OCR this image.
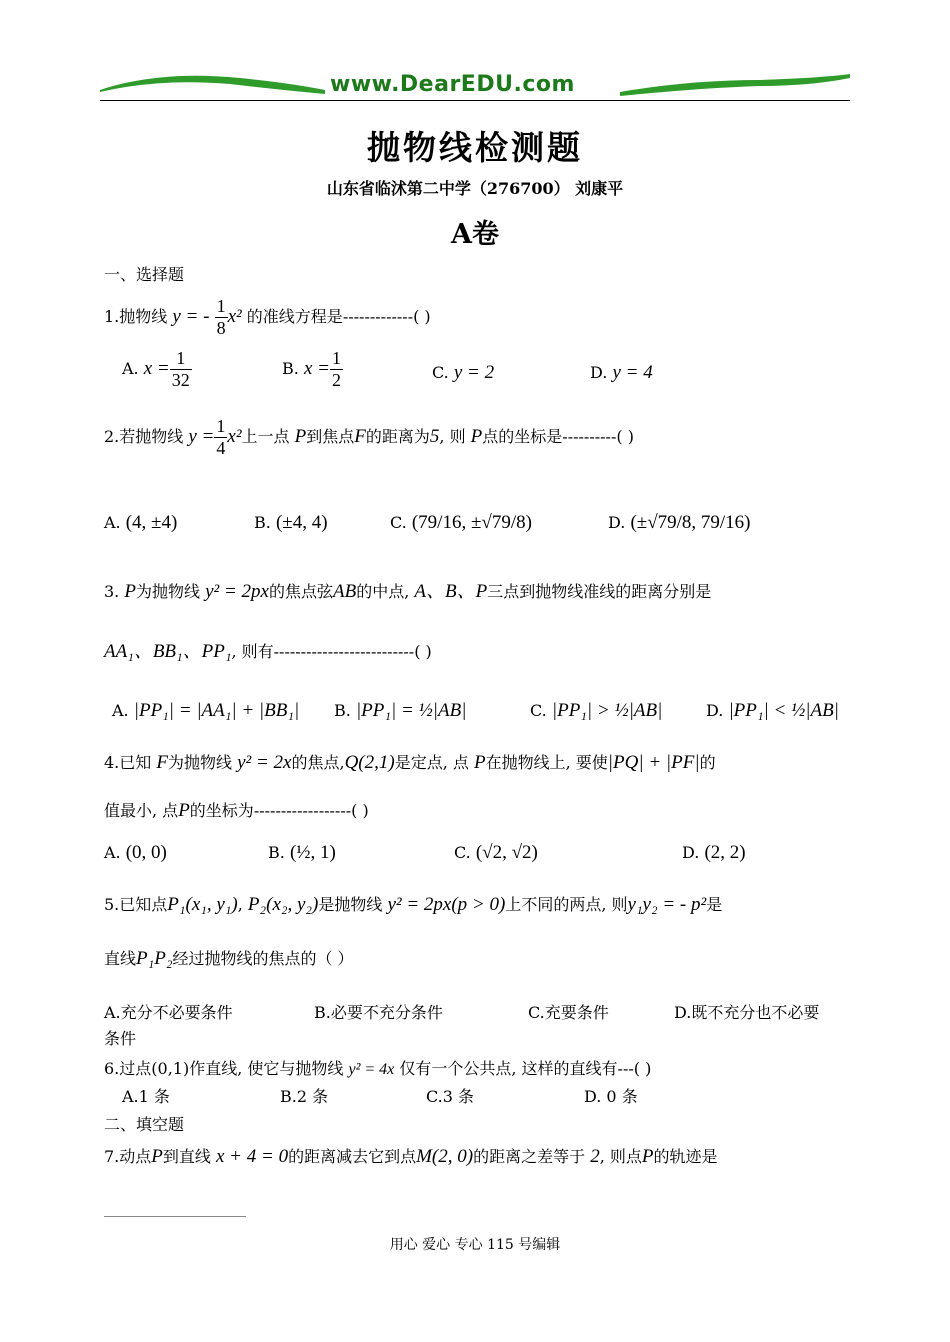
www.DearEDU.com
抛物线检测题
山东省临沭第二中学（276700） 刘康平
A卷
一、选择题
1.抛物线 y = - $\frac{1}{8} x^2$ 的准线方程是-------------( )
A. $x = \frac{1}{32}$	B. $x = \frac{1}{2}$	C. y = 2	D. y = 4
2.若抛物线 $y = \frac{1}{4} x^2$上一点 P到焦点F的距离为5, 则 P点的坐标是----------( )
A. (4, ±4)	B. (±4, 4)	C. (79/16, ±√79/8)	D. (±√79/8, 79/16)
3. P为抛物线 y² = 2px的焦点弦AB的中点, A、B、P三点到抛物线准线的距离分别是
AA₁、BB₁、PP₁, 则有--------------------------( )
A. |PP₁| = |AA₁| + |BB₁| B. |PP₁| = ½|AB|	C. |PP₁| > ½|AB|	D. |PP₁| < ½|AB|
4.已知 F为抛物线 y² = 2x的焦点,Q(2,1)是定点, 点 P在抛物线上, 要使|PQ| + |PF|的
值最小, 点P的坐标为------------------( )
A. (0, 0)	B. (½, 1)	C. (√2, √2)	D. (2, 2)
5.已知点P₁(x₁, y₁), P₂(x₂, y₂)是抛物线 y² = 2px(p > 0)上不同的两点, 则y₁y₂ = - p²是
直线P₁P₂经过抛物线的焦点的（ ）
A.充分不必要条件	B.必要不充分条件	C.充要条件	D.既不充分也不必要
条件
6.过点(0,1)作直线, 使它与抛物线 y² = 4x 仅有一个公共点, 这样的直线有---( )
A.1 条	B.2 条	C.3 条	D. 0 条
二、填空题
7.动点P到直线 x + 4 = 0的距离减去它到点M(2, 0)的距离之差等于 2, 则点P的轨迹是
用心 爱心 专心 115 号编辑
